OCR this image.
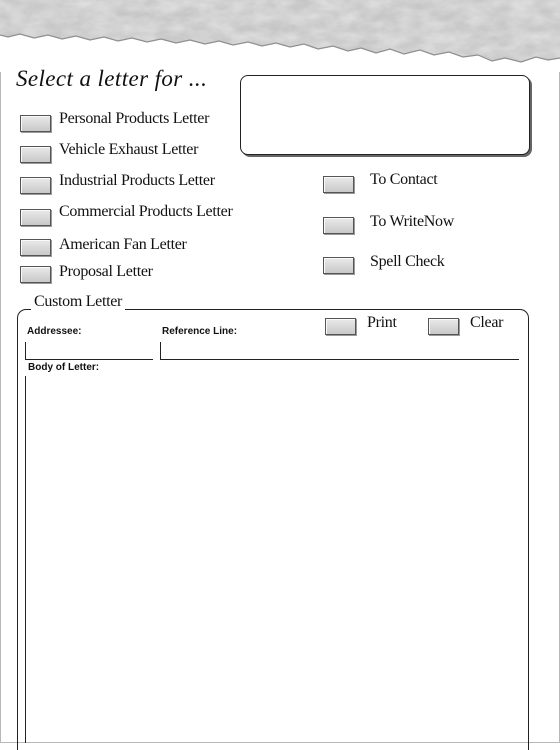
Select a letter for ...
Personal Products Letter
Vehicle Exhaust Letter
Industrial Products Letter
Commercial Products Letter
American Fan Letter
Proposal Letter
To Contact
To WriteNow
Spell Check
Custom Letter
Print	Clear
Addressee:	Reference Line:
Body of Letter:
